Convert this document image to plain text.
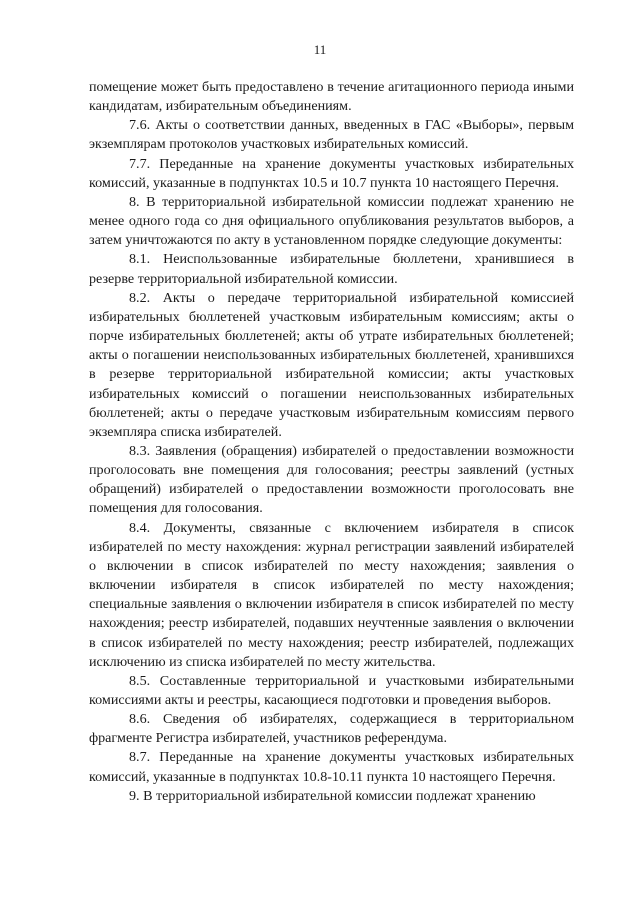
11

помещение может быть предоставлено в течение агитационного периода иными кандидатам, избирательным объединениям.

7.6. Акты о соответствии данных, введенных в ГАС «Выборы», первым экземплярам протоколов участковых избирательных комиссий.

7.7. Переданные на хранение документы участковых избирательных комиссий, указанные в подпунктах 10.5 и 10.7 пункта 10 настоящего Перечня.

8. В территориальной избирательной комиссии подлежат хранению не менее одного года со дня официального опубликования результатов выборов, а затем уничтожаются по акту в установленном порядке следующие документы:

8.1. Неиспользованные избирательные бюллетени, хранившиеся в резерве территориальной избирательной комиссии.

8.2. Акты о передаче территориальной избирательной комиссией избирательных бюллетеней участковым избирательным комиссиям; акты о порче избирательных бюллетеней; акты об утрате избирательных бюллетеней; акты о погашении неиспользованных избирательных бюллетеней, хранившихся в резерве территориальной избирательной комиссии; акты участковых избирательных комиссий о погашении неиспользованных избирательных бюллетеней; акты о передаче участковым избирательным комиссиям первого экземпляра списка избирателей.

8.3. Заявления (обращения) избирателей о предоставлении возможности проголосовать вне помещения для голосования; реестры заявлений (устных обращений) избирателей о предоставлении возможности проголосовать вне помещения для голосования.

8.4. Документы, связанные с включением избирателя в список избирателей по месту нахождения: журнал регистрации заявлений избирателей о включении в список избирателей по месту нахождения; заявления о включении избирателя в список избирателей по месту нахождения; специальные заявления о включении избирателя в список избирателей по месту нахождения; реестр избирателей, подавших неучтенные заявления о включении в список избирателей по месту нахождения; реестр избирателей, подлежащих исключению из списка избирателей по месту жительства.

8.5. Составленные территориальной и участковыми избирательными комиссиями акты и реестры, касающиеся подготовки и проведения выборов.

8.6. Сведения об избирателях, содержащиеся в территориальном фрагменте Регистра избирателей, участников референдума.

8.7. Переданные на хранение документы участковых избирательных комиссий, указанные в подпунктах 10.8-10.11 пункта 10 настоящего Перечня.

9. В территориальной избирательной комиссии подлежат хранению
